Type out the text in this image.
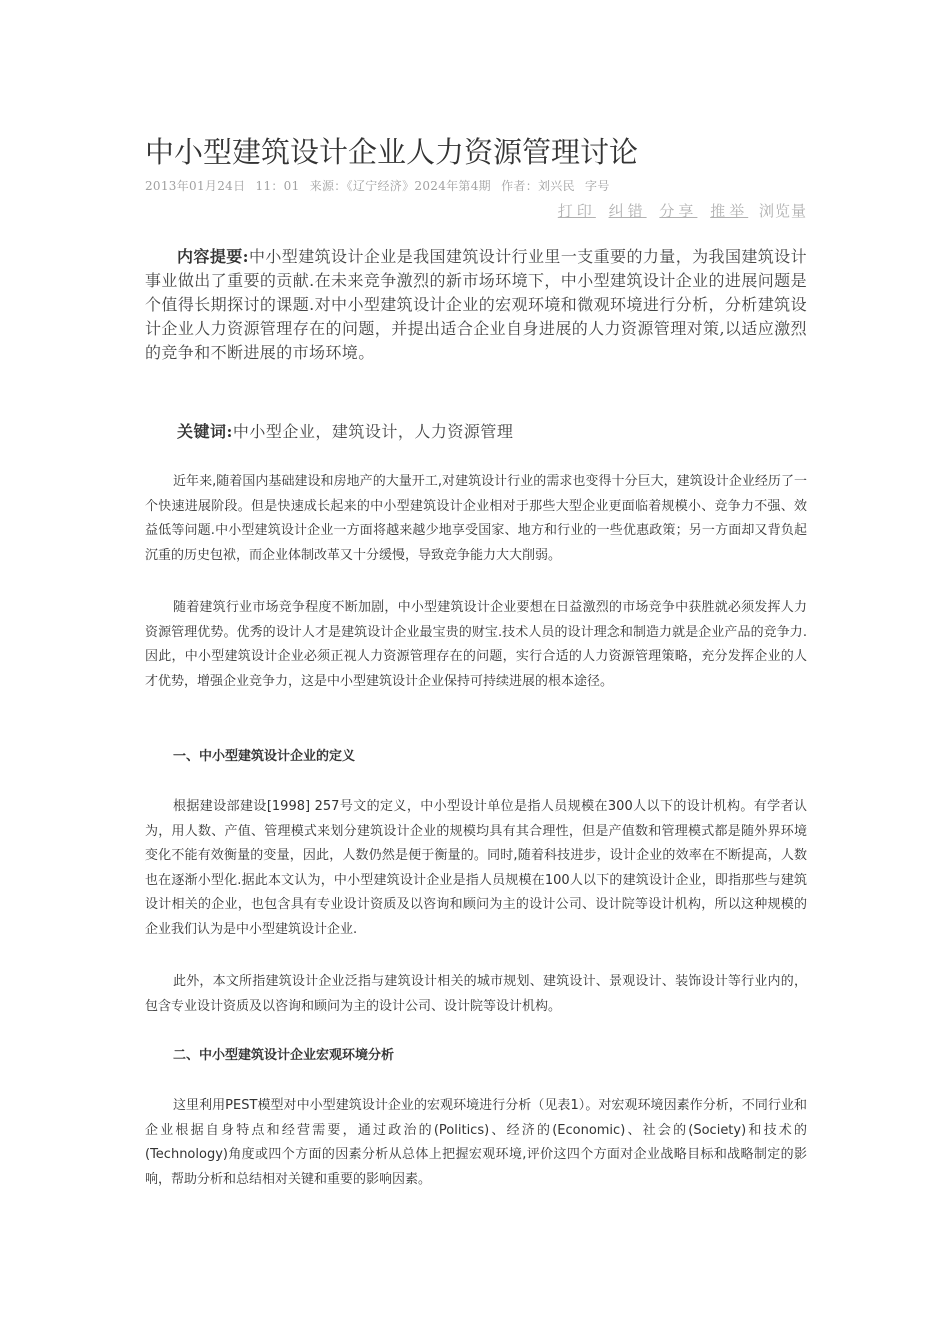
中小型建筑设计企业人力资源管理讨论
2013年01月24日 11：01 来源：《辽宁经济》2024年第4期 作者：刘兴民 字号
打印 纠错 分享 推举 浏览量

内容提要:中小型建筑设计企业是我国建筑设计行业里一支重要的力量，为我国建筑设计事业做出了重要的贡献.在未来竞争激烈的新市场环境下，中小型建筑设计企业的进展问题是个值得长期探讨的课题.对中小型建筑设计企业的宏观环境和微观环境进行分析，分析建筑设计企业人力资源管理存在的问题，并提出适合企业自身进展的人力资源管理对策,以适应激烈的竞争和不断进展的市场环境。

关键词:中小型企业，建筑设计，人力资源管理

近年来,随着国内基础建设和房地产的大量开工,对建筑设计行业的需求也变得十分巨大，建筑设计企业经历了一个快速进展阶段。但是快速成长起来的中小型建筑设计企业相对于那些大型企业更面临着规模小、竞争力不强、效益低等问题.中小型建筑设计企业一方面将越来越少地享受国家、地方和行业的一些优惠政策；另一方面却又背负起沉重的历史包袱，而企业体制改革又十分缓慢，导致竞争能力大大削弱。

随着建筑行业市场竞争程度不断加剧，中小型建筑设计企业要想在日益激烈的市场竞争中获胜就必须发挥人力资源管理优势。优秀的设计人才是建筑设计企业最宝贵的财宝.技术人员的设计理念和制造力就是企业产品的竞争力.因此，中小型建筑设计企业必须正视人力资源管理存在的问题，实行合适的人力资源管理策略，充分发挥企业的人才优势，增强企业竞争力，这是中小型建筑设计企业保持可持续进展的根本途径。

一、中小型建筑设计企业的定义

根据建设部建设[1998] 257号文的定义，中小型设计单位是指人员规模在300人以下的设计机构。有学者认为，用人数、产值、管理模式来划分建筑设计企业的规模均具有其合理性，但是产值数和管理模式都是随外界环境变化不能有效衡量的变量，因此，人数仍然是便于衡量的。同时,随着科技进步，设计企业的效率在不断提高，人数也在逐渐小型化.据此本文认为，中小型建筑设计企业是指人员规模在100人以下的建筑设计企业，即指那些与建筑设计相关的企业，也包含具有专业设计资质及以咨询和顾问为主的设计公司、设计院等设计机构，所以这种规模的企业我们认为是中小型建筑设计企业.

此外，本文所指建筑设计企业泛指与建筑设计相关的城市规划、建筑设计、景观设计、装饰设计等行业内的，包含专业设计资质及以咨询和顾问为主的设计公司、设计院等设计机构。

二、中小型建筑设计企业宏观环境分析

这里利用PEST模型对中小型建筑设计企业的宏观环境进行分析（见表1）。对宏观环境因素作分析，不同行业和企业根据自身特点和经营需要，通过政治的(Politics)、经济的(Economic)、社会的(Society)和技术的(Technology)角度或四个方面的因素分析从总体上把握宏观环境,评价这四个方面对企业战略目标和战略制定的影响，帮助分析和总结相对关键和重要的影响因素。
